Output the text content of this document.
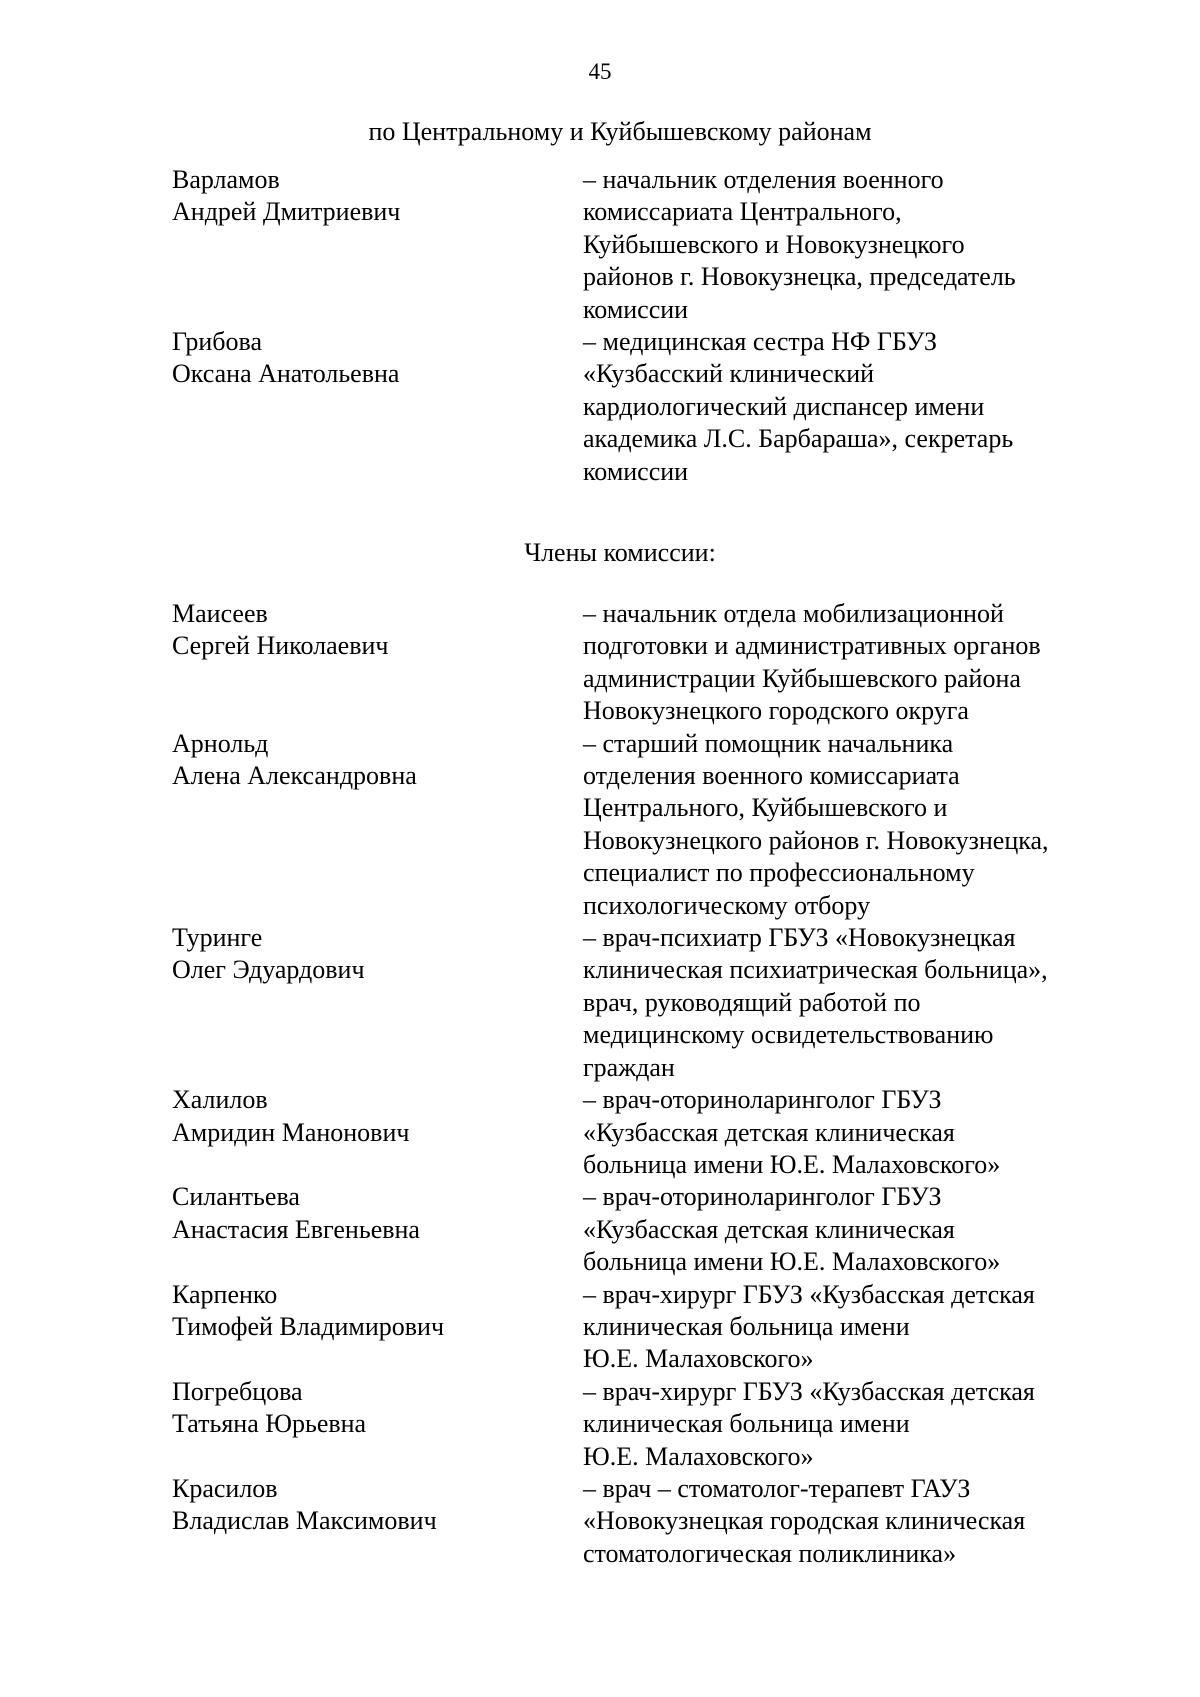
45
по Центральному и Куйбышевскому районам
Варламов
Андрей Дмитриевич
– начальник отделения военного
комиссариата Центрального,
Куйбышевского и Новокузнецкого
районов г. Новокузнецка, председатель
комиссии
Грибова
Оксана Анатольевна
– медицинская сестра НФ ГБУЗ
«Кузбасский клинический
кардиологический диспансер имени
академика Л.С. Барбараша», секретарь
комиссии
Члены комиссии:
Маисеев
Сергей Николаевич
– начальник отдела мобилизационной
подготовки и административных органов
администрации Куйбышевского района
Новокузнецкого городского округа
Арнольд
Алена Александровна
– старший помощник начальника
отделения военного комиссариата
Центрального, Куйбышевского и
Новокузнецкого районов г. Новокузнецка,
специалист по профессиональному
психологическому отбору
Туринге
Олег Эдуардович
– врач-психиатр ГБУЗ «Новокузнецкая
клиническая психиатрическая больница»,
врач, руководящий работой по
медицинскому освидетельствованию
граждан
Халилов
Амридин Манонович
– врач-оториноларинголог ГБУЗ
«Кузбасская детская клиническая
больница имени Ю.Е. Малаховского»
Силантьева
Анастасия Евгеньевна
– врач-оториноларинголог ГБУЗ
«Кузбасская детская клиническая
больница имени Ю.Е. Малаховского»
Карпенко
Тимофей Владимирович
– врач-хирург ГБУЗ «Кузбасская детская
клиническая больница имени
Ю.Е. Малаховского»
Погребцова
Татьяна Юрьевна
– врач-хирург ГБУЗ «Кузбасская детская
клиническая больница имени
Ю.Е. Малаховского»
Красилов
Владислав Максимович
– врач – стоматолог-терапевт ГАУЗ
«Новокузнецкая городская клиническая
стоматологическая поликлиника»
